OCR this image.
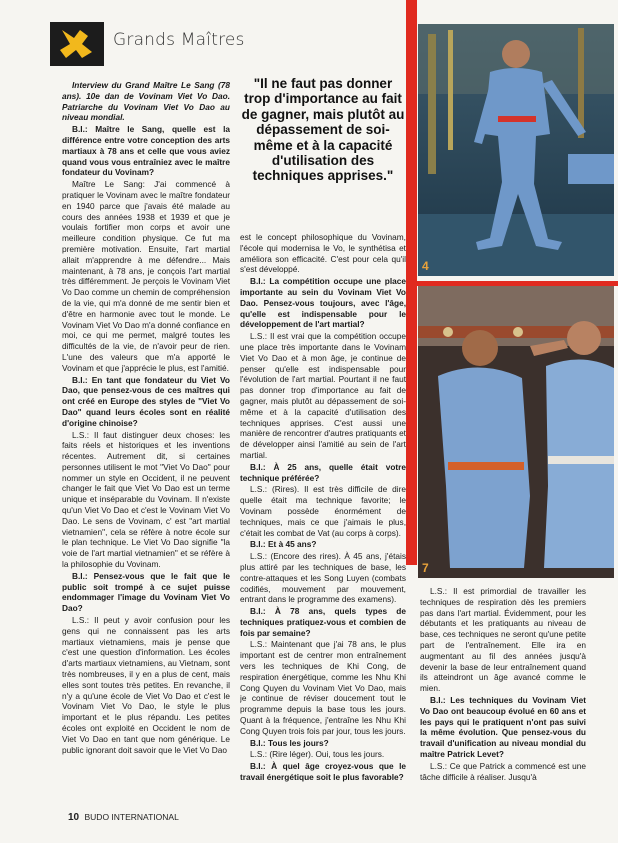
Grands Maîtres
"Il ne faut pas donner trop d'importance au fait de gagner, mais plutôt au dépassement de soi-même et à la capacité d'utilisation des techniques apprises."

Interview du Grand Maître Le Sang (78 ans). 10e dan de Vovinam Viet Vo Dao. Patriarche du Vovinam Viet Vo Dao au niveau mondial.

B.I.: Maître le Sang, quelle est la différence entre votre conception des arts martiaux à 78 ans et celle que vous aviez quand vous vous entraîniez avec le maître fondateur du Vovinam?

Maître Le Sang: J'ai commencé à pratiquer le Vovinam avec le maître fondateur en 1940 parce que j'avais été malade au cours des années 1938 et 1939 et que je voulais fortifier mon corps et avoir une meilleure condition physique. Ce fut ma première motivation. Ensuite, l'art martial allait m'apprendre à me défendre... Mais maintenant, à 78 ans, je conçois l'art martial très différemment. Je perçois le Vovinam Viet Vo Dao comme un chemin de compréhension de la vie, qui m'a donné de me sentir bien et d'être en harmonie avec tout le monde. Le Vovinam Viet Vo Dao m'a donné confiance en moi, ce qui me permet, malgré toutes les difficultés de la vie, de n'avoir peur de rien. L'une des valeurs que m'a apporté le Vovinam et que j'apprécie le plus, est l'amitié.

B.I.: En tant que fondateur du Viet Vo Dao, que pensez-vous de ces maîtres qui ont créé en Europe des styles de "Viet Vo Dao" quand leurs écoles sont en réalité d'origine chinoise?

L.S.: Il faut distinguer deux choses: les faits réels et historiques et les inventions récentes. Autrement dit, si certaines personnes utilisent le mot "Viet Vo Dao" pour nommer un style en Occident, il ne peuvent changer le fait que Viet Vo Dao est un terme unique et inséparable du Vovinam. Il n'existe qu'un Viet Vo Dao et c'est le Vovinam Viet Vo Dao. Le sens de Vovinam, c' est "art martial vietnamien", cela se réfère à notre école sur le plan technique. Le Viet Vo Dao signifie "la voie de l'art martial vietnamien" et se réfère à la philosophie du Vovinam.

B.I.: Pensez-vous que le fait que le public soit trompé à ce sujet puisse endommager l'image du Vovinam Viet Vo Dao?

L.S.: Il peut y avoir confusion pour les gens qui ne connaissent pas les arts martiaux vietnamiens, mais je pense que c'est une question d'information. Les écoles d'arts martiaux vietnamiens, au Vietnam, sont très nombreuses, il y en a plus de cent, mais elles sont toutes très petites. En revanche, il n'y a qu'une école de Viet Vo Dao et c'est le Vovinam Viet Vo Dao, le style le plus important et le plus répandu. Les petites écoles ont exploité en Occident le nom de Viet Vo Dao en tant que nom générique. Le public ignorant doit savoir que le Viet Vo Dao

est le concept philosophique du Vovinam, l'école qui modernisa le Vo, le synthétisa et améliora son efficacité. C'est pour cela qu'il s'est développé.

B.I.: La compétition occupe une place importante au sein du Vovinam Viet Vo Dao. Pensez-vous toujours, avec l'âge, qu'elle est indispensable pour le développement de l'art martial?

L.S.: Il est vrai que la compétition occupe une place très importante dans le Vovinam Viet Vo Dao et à mon âge, je continue de penser qu'elle est indispensable pour l'évolution de l'art martial. Pourtant il ne faut pas donner trop d'importance au fait de gagner, mais plutôt au dépassement de soi-même et à la capacité d'utilisation des techniques apprises. C'est aussi une manière de rencontrer d'autres pratiquants et de développer ainsi l'amitié au sein de l'art martial.

B.I.: À 25 ans, quelle était votre technique préférée?

L.S.: (Rires). Il est très difficile de dire quelle était ma technique favorite; le Vovinam possède énormément de techniques, mais ce que j'aimais le plus, c'était les combat de Vat (au corps à corps).

B.I.: Et à 45 ans?

L.S.: (Encore des rires). À 45 ans, j'étais plus attiré par les techniques de base, les contre-attaques et les Song Luyen (combats codifiés, mouvement par mouvement, entrant dans le programme des examens).

B.I.: À 78 ans, quels types de techniques pratiquez-vous et combien de fois par semaine?

L.S.: Maintenant que j'ai 78 ans, le plus important est de centrer mon entraînement vers les techniques de Khi Cong, de respiration énergétique, comme les Nhu Khi Cong Quyen du Vovinam Viet Vo Dao, mais je continue de réviser doucement tout le programme depuis la base tous les jours. Quant à la fréquence, j'entraîne les Nhu Khi Cong Quyen trois fois par jour, tous les jours.

B.I.: Tous les jours?

L.S.: (Rire léger). Oui, tous les jours.

B.I.: À quel âge croyez-vous que le travail énergétique soit le plus favorable?

L.S.: Il est primordial de travailler les techniques de respiration dès les premiers pas dans l'art martial. Évidemment, pour les débutants et les pratiquants au niveau de base, ces techniques ne seront qu'une petite part de l'entraînement. Elle ira en augmentant au fil des années jusqu'à devenir la base de leur entraînement quand ils atteindront un âge avancé comme le mien.

B.I.: Les techniques du Vovinam Viet Vo Dao ont beaucoup évolué en 60 ans et les pays qui le pratiquent n'ont pas suivi la même évolution. Que pensez-vous du travail d'unification au niveau mondial du maître Patrick Levet?

L.S.: Ce que Patrick a commencé est une tâche difficile à réaliser. Jusqu'à

4
7
10 BUDO INTERNATIONAL
